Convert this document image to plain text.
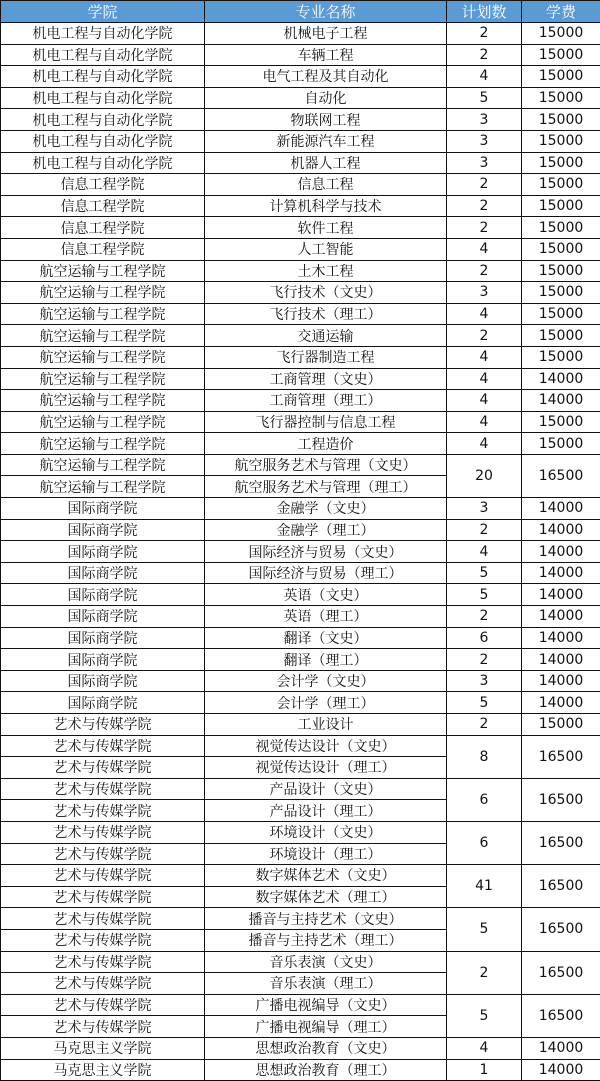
学院	专业名称	计划数	学费
机电工程与自动化学院	机械电子工程	2	15000
机电工程与自动化学院	车辆工程	2	15000
机电工程与自动化学院	电气工程及其自动化	4	15000
机电工程与自动化学院	自动化	5	15000
机电工程与自动化学院	物联网工程	3	15000
机电工程与自动化学院	新能源汽车工程	3	15000
机电工程与自动化学院	机器人工程	3	15000
信息工程学院	信息工程	2	15000
信息工程学院	计算机科学与技术	2	15000
信息工程学院	软件工程	2	15000
信息工程学院	人工智能	4	15000
航空运输与工程学院	土木工程	2	15000
航空运输与工程学院	飞行技术（文史）	3	15000
航空运输与工程学院	飞行技术（理工）	4	15000
航空运输与工程学院	交通运输	2	15000
航空运输与工程学院	飞行器制造工程	4	15000
航空运输与工程学院	工商管理（文史）	4	14000
航空运输与工程学院	工商管理（理工）	4	14000
航空运输与工程学院	飞行器控制与信息工程	4	15000
航空运输与工程学院	工程造价	4	15000
航空运输与工程学院	航空服务艺术与管理（文史）	20	16500
航空运输与工程学院	航空服务艺术与管理（理工）		
国际商学院	金融学（文史）	3	14000
国际商学院	金融学（理工）	2	14000
国际商学院	国际经济与贸易（文史）	4	14000
国际商学院	国际经济与贸易（理工）	5	14000
国际商学院	英语（文史）	5	14000
国际商学院	英语（理工）	2	14000
国际商学院	翻译（文史）	6	14000
国际商学院	翻译（理工）	2	14000
国际商学院	会计学（文史）	3	14000
国际商学院	会计学（理工）	5	14000
艺术与传媒学院	工业设计	2	15000
艺术与传媒学院	视觉传达设计（文史）	8	16500
艺术与传媒学院	视觉传达设计（理工）		
艺术与传媒学院	产品设计（文史）	6	16500
艺术与传媒学院	产品设计（理工）		
艺术与传媒学院	环境设计（文史）	6	16500
艺术与传媒学院	环境设计（理工）		
艺术与传媒学院	数字媒体艺术（文史）	41	16500
艺术与传媒学院	数字媒体艺术（理工）		
艺术与传媒学院	播音与主持艺术（文史）	5	16500
艺术与传媒学院	播音与主持艺术（理工）		
艺术与传媒学院	音乐表演（文史）	2	16500
艺术与传媒学院	音乐表演（理工）		
艺术与传媒学院	广播电视编导（文史）	5	16500
艺术与传媒学院	广播电视编导（理工）		
马克思主义学院	思想政治教育（文史）	4	14000
马克思主义学院	思想政治教育（理工）	1	14000
